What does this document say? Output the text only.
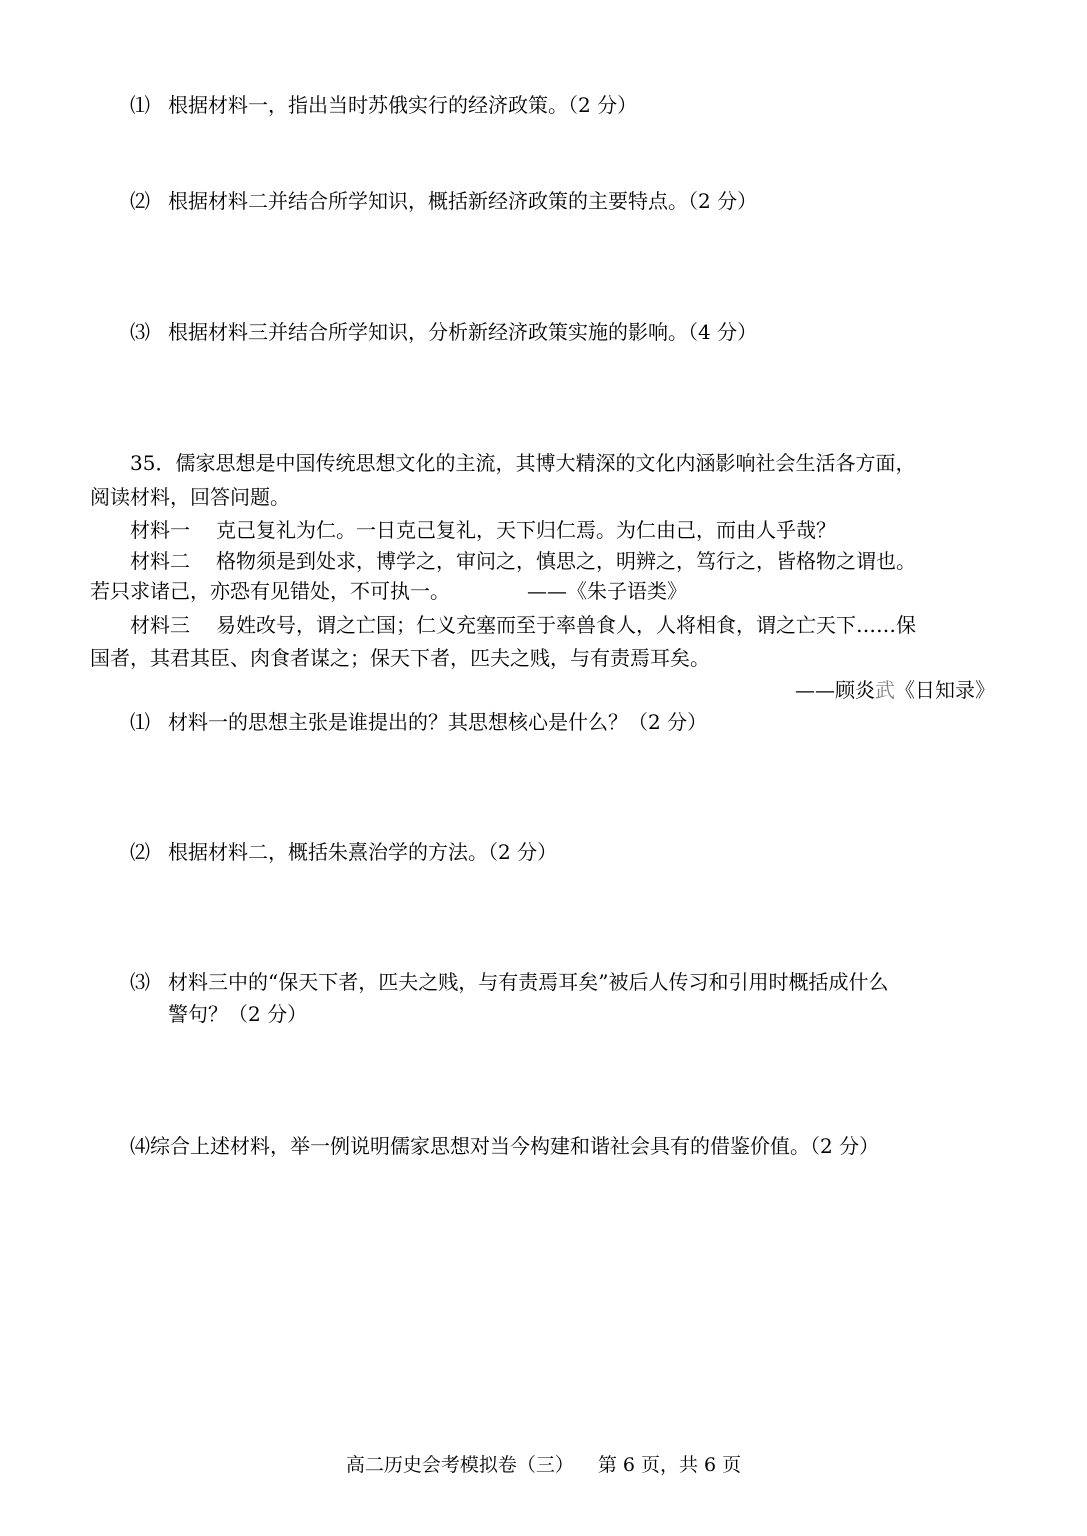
⑴ 根据材料一，指出当时苏俄实行的经济政策。（2 分）
⑵ 根据材料二并结合所学知识，概括新经济政策的主要特点。（2 分）
⑶ 根据材料三并结合所学知识，分析新经济政策实施的影响。（4 分）
35．儒家思想是中国传统思想文化的主流，其博大精深的文化内涵影响社会生活各方面，
阅读材料，回答问题。
材料一 克己复礼为仁。一日克己复礼，天下归仁焉。为仁由己，而由人乎哉？
材料二 格物须是到处求，博学之，审问之，慎思之，明辨之，笃行之，皆格物之谓也。
若只求诸己，亦恐有见错处，不可执一。	——《朱子语类》
材料三 易姓改号，谓之亡国；仁义充塞而至于率兽食人，人将相食，谓之亡天下……保
国者，其君其臣、肉食者谋之；保天下者，匹夫之贱，与有责焉耳矣。
——顾炎武《日知录》
⑴ 材料一的思想主张是谁提出的？其思想核心是什么？（2 分）
⑵ 根据材料二，概括朱熹治学的方法。（2 分）
⑶ 材料三中的“保天下者，匹夫之贱，与有责焉耳矣”被后人传习和引用时概括成什么
警句？（2 分）
⑷综合上述材料，举一例说明儒家思想对当今构建和谐社会具有的借鉴价值。（2 分）
高二历史会考模拟卷（三） 第 6 页，共 6 页
